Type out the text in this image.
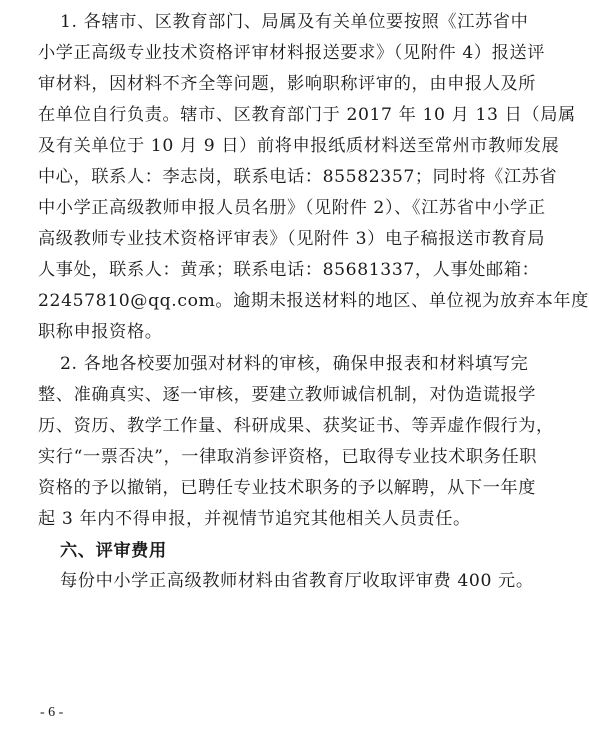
1. 各辖市、区教育部门、局属及有关单位要按照《江苏省中
小学正高级专业技术资格评审材料报送要求》（见附件 4）报送评
审材料，因材料不齐全等问题，影响职称评审的，由申报人及所
在单位自行负责。辖市、区教育部门于 2017 年 10 月 13 日（局属
及有关单位于 10 月 9 日）前将申报纸质材料送至常州市教师发展
中心，联系人：李志岗，联系电话：85582357；同时将《江苏省
中小学正高级教师申报人员名册》（见附件 2）、《江苏省中小学正
高级教师专业技术资格评审表》（见附件 3）电子稿报送市教育局
人事处，联系人：黄承；联系电话：85681337，人事处邮箱：
22457810@qq.com。逾期未报送材料的地区、单位视为放弃本年度
职称申报资格。
2. 各地各校要加强对材料的审核，确保申报表和材料填写完
整、准确真实、逐一审核，要建立教师诚信机制，对伪造谎报学
历、资历、教学工作量、科研成果、获奖证书、等弄虚作假行为，
实行“一票否决”，一律取消参评资格，已取得专业技术职务任职
资格的予以撤销，已聘任专业技术职务的予以解聘，从下一年度
起 3 年内不得申报，并视情节追究其他相关人员责任。
六、评审费用
每份中小学正高级教师材料由省教育厅收取评审费 400 元。
- 6 -
